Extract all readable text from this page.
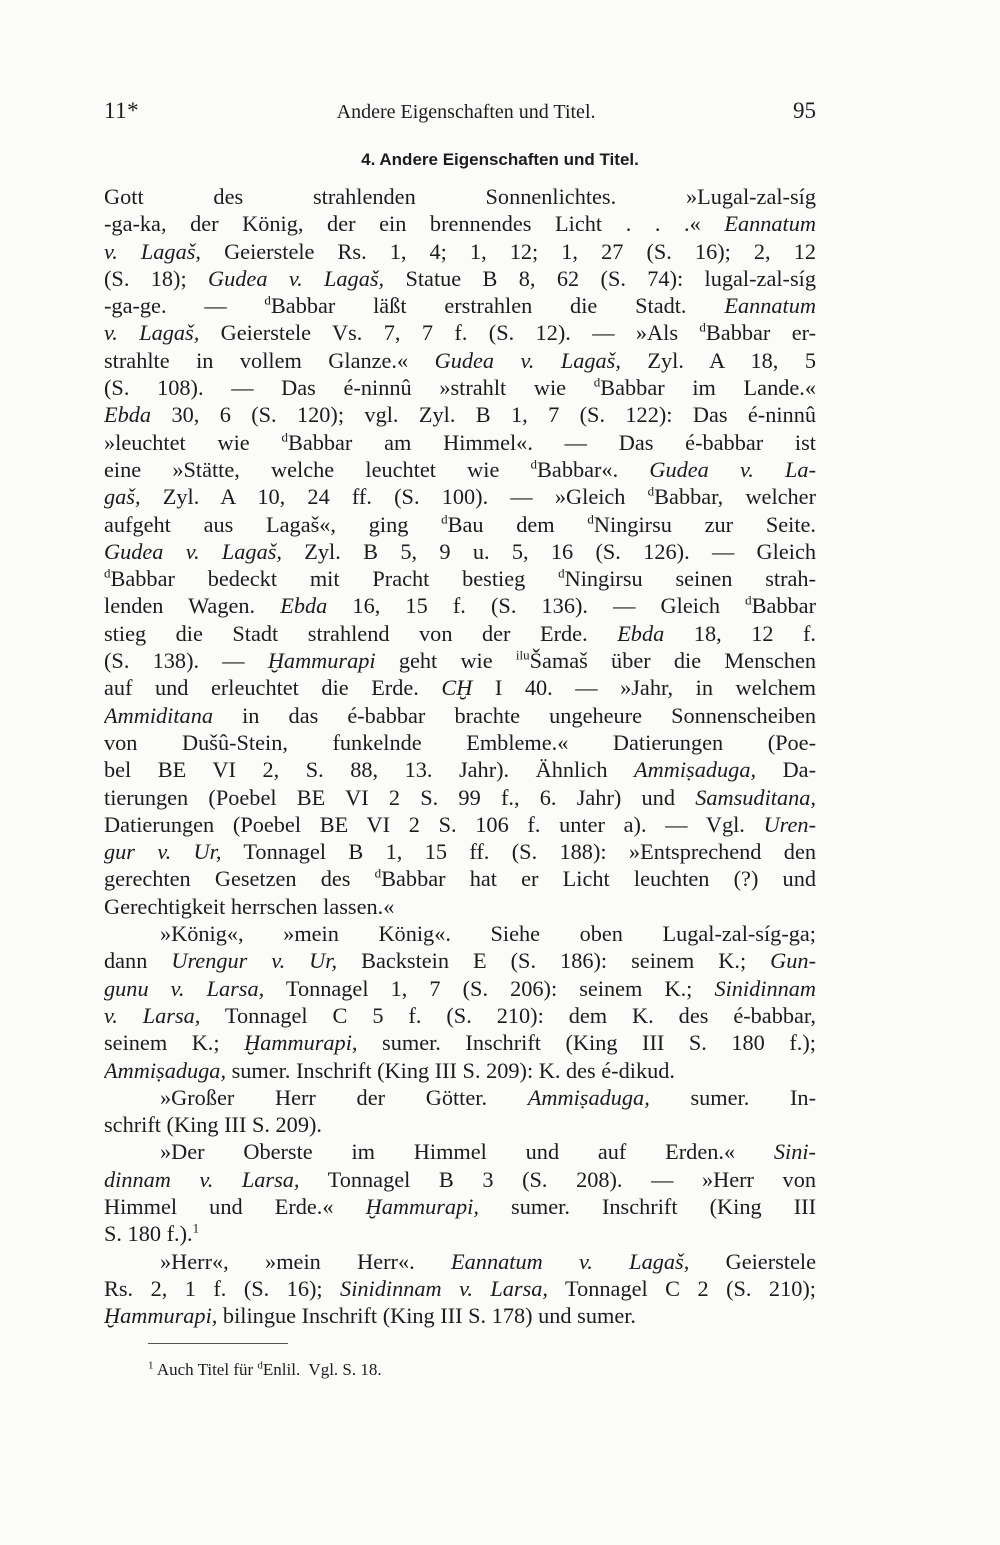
11*	Andere Eigenschaften und Titel.	95
4. Andere Eigenschaften und Titel.
Gott des strahlenden Sonnenlichtes. »Lugal-zal-síg
-ga-ka, der König, der ein brennendes Licht . . .« Eannatum
v. Lagaš, Geierstele Rs. 1, 4; 1, 12; 1, 27 (S. 16); 2, 12
(S. 18); Gudea v. Lagaš, Statue B 8, 62 (S. 74): lugal-zal-síg
-ga-ge. — $^d$Babbar läßt erstrahlen die Stadt. Eannatum
v. Lagaš, Geierstele Vs. 7, 7 f. (S. 12). — »Als $^d$Babbar er-
strahlte in vollem Glanze.« Gudea v. Lagaš, Zyl. A 18, 5
(S. 108). — Das é-ninnû »strahlt wie $^d$Babbar im Lande.«
Ebda 30, 6 (S. 120); vgl. Zyl. B 1, 7 (S. 122): Das é-ninnû
»leuchtet wie $^d$Babbar am Himmel«. — Das é-babbar ist
eine »Stätte, welche leuchtet wie $^d$Babbar«. Gudea v. La-
gaš, Zyl. A 10, 24 ff. (S. 100). — »Gleich $^d$Babbar, welcher
aufgeht aus Lagaš«, ging $^d$Bau dem $^d$Ningirsu zur Seite.
Gudea v. Lagaš, Zyl. B 5, 9 u. 5, 16 (S. 126). — Gleich
$^d$Babbar bedeckt mit Pracht bestieg $^d$Ningirsu seinen strah-
lenden Wagen. Ebda 16, 15 f. (S. 136). — Gleich $^d$Babbar
stieg die Stadt strahlend von der Erde. Ebda 18, 12 f.
(S. 138). — Ḫammurapi geht wie $^{ilu}$Šamaš über die Menschen
auf und erleuchtet die Erde. CḪ I 40. — »Jahr, in welchem
Ammiditana in das é-babbar brachte ungeheure Sonnenscheiben
von Dušû-Stein, funkelnde Embleme.« Datierungen (Poe-
bel BE VI 2, S. 88, 13. Jahr). Ähnlich Ammiṣaduga, Da-
tierungen (Poebel BE VI 2 S. 99 f., 6. Jahr) und Samsuditana,
Datierungen (Poebel BE VI 2 S. 106 f. unter a). — Vgl. Uren-
gur v. Ur, Tonnagel B 1, 15 ff. (S. 188): »Entsprechend den
gerechten Gesetzen des $^d$Babbar hat er Licht leuchten (?) und
Gerechtigkeit herrschen lassen.«
»König«, »mein König«. Siehe oben Lugal-zal-síg-ga;
dann Urengur v. Ur, Backstein E (S. 186): seinem K.; Gun-
gunu v. Larsa, Tonnagel 1, 7 (S. 206): seinem K.; Sinidinnam
v. Larsa, Tonnagel C 5 f. (S. 210): dem K. des é-babbar,
seinem K.; Ḫammurapi, sumer. Inschrift (King III S. 180 f.);
Ammiṣaduga, sumer. Inschrift (King III S. 209): K. des é-dikud.
»Großer Herr der Götter. Ammiṣaduga, sumer. In-
schrift (King III S. 209).
»Der Oberste im Himmel und auf Erden.« Sini-
dinnam v. Larsa, Tonnagel B 3 (S. 208). — »Herr von
Himmel und Erde.« Ḫammurapi, sumer. Inschrift (King III
S. 180 f.).$^1$
»Herr«, »mein Herr«. Eannatum v. Lagaš, Geierstele
Rs. 2, 1 f. (S. 16); Sinidinnam v. Larsa, Tonnagel C 2 (S. 210);
Ḫammurapi, bilingue Inschrift (King III S. 178) und sumer.
$^1$ Auch Titel für $^d$Enlil.  Vgl. S. 18.
